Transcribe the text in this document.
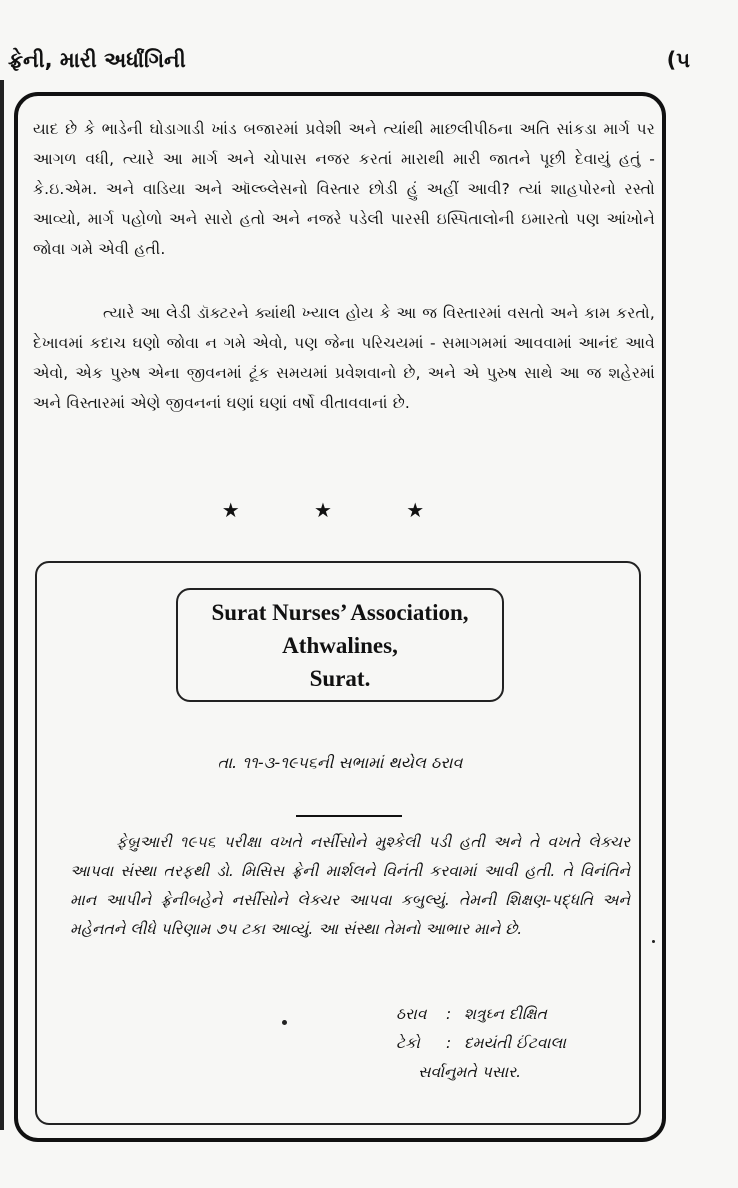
ફ્રેની, મારી અર્ધાંગિની	(૫

યાદ છે કે ભાડેની ઘોડાગાડી ખાંડ બજારમાં પ્રવેશી અને ત્યાંથી માછલીપીઠના અતિ સાંકડા માર્ગ પર આગળ વધી, ત્યારે આ માર્ગ અને ચોપાસ નજર કરતાં મારાથી મારી જાતને પૂછી દેવાયું હતું - કે.ઇ.એમ. અને વાડિયા અને ઑલ્બ્લેસનો વિસ્તાર છોડી હું અહીં આવી? ત્યાં શાહપોરનો રસ્તો આવ્યો, માર્ગ પહોળો અને સારો હતો અને નજરે પડેલી પારસી ઇસ્પિતાલોની ઇમારતો પણ આંખોને જોવા ગમે એવી હતી.

ત્યારે આ લેડી ડૉક્ટરને ક્યાંથી ખ્યાલ હોય કે આ જ વિસ્તારમાં વસતો અને કામ કરતો, દેખાવમાં કદાચ ઘણો જોવા ન ગમે એવો, પણ જેના પરિચયમાં - સમાગમમાં આવવામાં આનંદ આવે એવો, એક પુરુષ એના જીવનમાં ટૂંક સમયમાં પ્રવેશવાનો છે, અને એ પુરુષ સાથે આ જ શહેરમાં અને વિસ્તારમાં એણે જીવનનાં ઘણાં ઘણાં વર્ષો વીતાવવાનાં છે.

★ ★ ★
Surat Nurses’ Association,
Athwalines,
Surat.
તા. ૧૧-૩-૧૯૫૬ની સભામાં થયેલ ઠરાવ

ફેબ્રુઆરી ૧૯૫૬ પરીક્ષા વખતે નર્સીસોને મુશ્કેલી પડી હતી અને તે વખતે લેક્ચર આપવા સંસ્થા તરફથી ડો. મિસિસ ફ્રેની માર્શલને વિનંતી કરવામાં આવી હતી. તે વિનંતિને માન આપીને ફ્રેનીબહેને નર્સીસોને લેક્ચર આપવા કબુલ્યું. તેમની શિક્ષણ-પદ્ધતિ અને મહેનતને લીધે પરિણામ ૭૫ ટકા આવ્યું. આ સંસ્થા તેમનો આભાર માને છે.

ઠરાવ : શત્રુઘ્ન દીક્ષિત
ટેકો : દમયંતી ઈંટવાલા
સર્વાનુમતે પસાર.
